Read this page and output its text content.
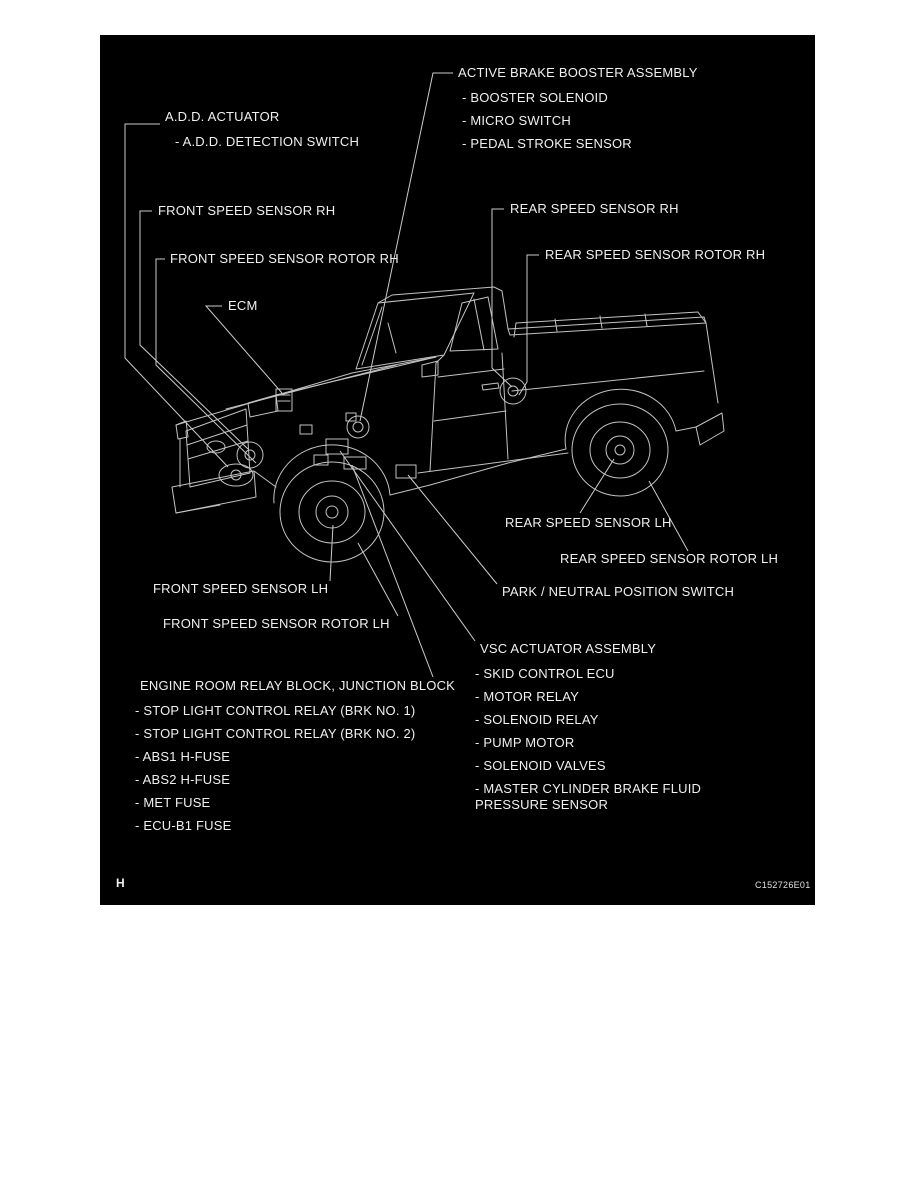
ACTIVE BRAKE BOOSTER ASSEMBLY
- BOOSTER SOLENOID
- MICRO SWITCH
- PEDAL STROKE SENSOR
A.D.D. ACTUATOR
- A.D.D. DETECTION SWITCH
FRONT SPEED SENSOR RH	REAR SPEED SENSOR RH
FRONT SPEED SENSOR ROTOR RH	REAR SPEED SENSOR ROTOR RH
ECM
REAR SPEED SENSOR LH
REAR SPEED SENSOR ROTOR LH
FRONT SPEED SENSOR LH	PARK / NEUTRAL POSITION SWITCH
FRONT SPEED SENSOR ROTOR LH
VSC ACTUATOR ASSEMBLY
- SKID CONTROL ECU
- MOTOR RELAY
- SOLENOID RELAY
- PUMP MOTOR
- SOLENOID VALVES
- MASTER CYLINDER BRAKE FLUID PRESSURE SENSOR
ENGINE ROOM RELAY BLOCK, JUNCTION BLOCK
- STOP LIGHT CONTROL RELAY (BRK NO. 1)
- STOP LIGHT CONTROL RELAY (BRK NO. 2)
- ABS1 H-FUSE
- ABS2 H-FUSE
- MET FUSE
- ECU-B1 FUSE
H	C152726E01
